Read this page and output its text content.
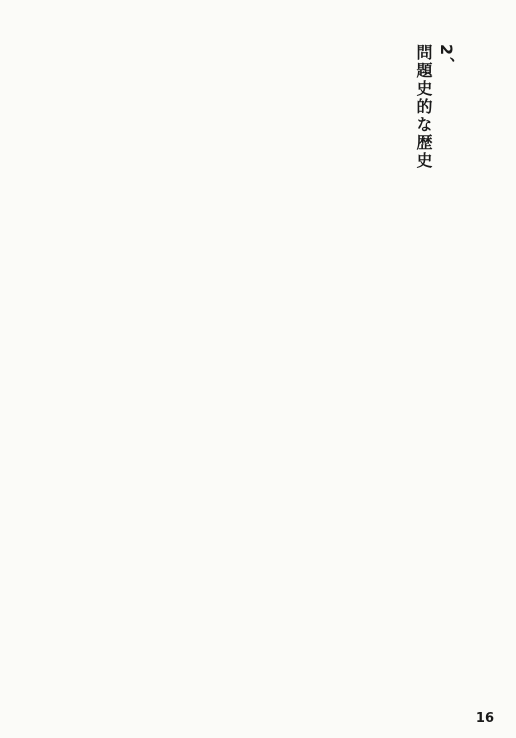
2、
問題史的な歴史
16
